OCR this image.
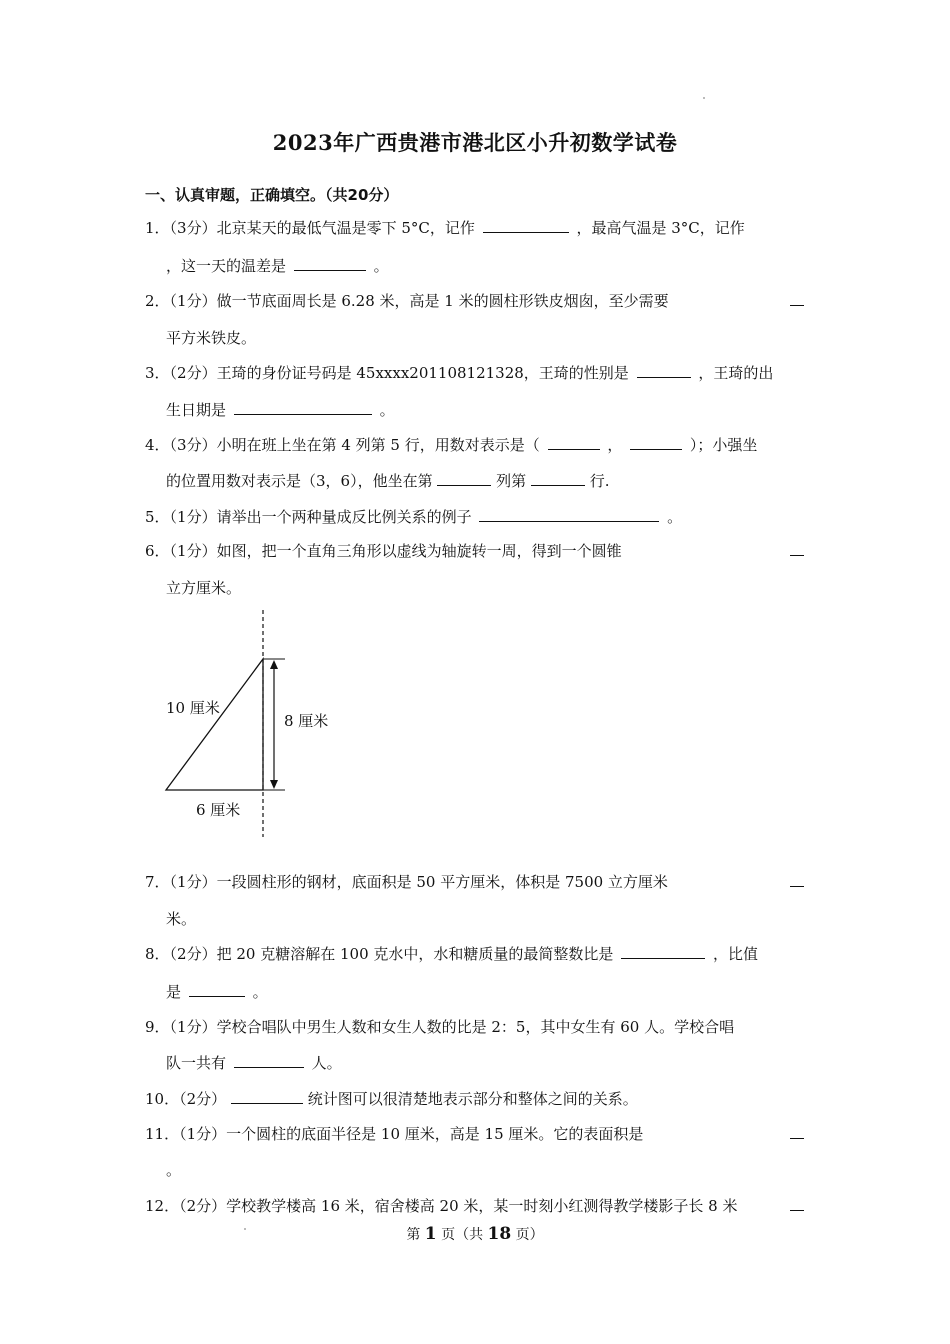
2023年广西贵港市港北区小升初数学试卷
一、认真审题，正确填空。（共20分）
1．（3分）北京某天的最低气温是零下 5°C，记作	，最高气温是 3°C，记作
，这一天的温差是	。
2．（1分）做一节底面周长是 6.28 米，高是 1 米的圆柱形铁皮烟囱，至少需要
平方米铁皮。
3．（2分）王琦的身份证号码是 45xxxx201108121328，王琦的性别是	，王琦的出
生日期是	。
4．（3分）小明在班上坐在第 4 列第 5 行，用数对表示是（	，	）；小强坐
的位置用数对表示是（3，6），他坐在第	列第	行.
5．（1分）请举出一个两种量成反比例关系的例子	。
6．（1分）如图，把一个直角三角形以虚线为轴旋转一周，得到一个圆锥
立方厘米。
10 厘米
8 厘米
6 厘米
7．（1分）一段圆柱形的钢材，底面积是 50 平方厘米，体积是 7500 立方厘米
米。
8．（2分）把 20 克糖溶解在 100 克水中，水和糖质量的最简整数比是	，比值
是	。
9．（1分）学校合唱队中男生人数和女生人数的比是 2：5，其中女生有 60 人。学校合唱
队一共有	人。
10．（2分）	统计图可以很清楚地表示部分和整体之间的关系。
11．（1分）一个圆柱的底面半径是 10 厘米，高是 15 厘米。它的表面积是
。
12．（2分）学校教学楼高 16 米，宿舍楼高 20 米，某一时刻小红测得教学楼影子长 8 米
第 1 页（共 18 页）
